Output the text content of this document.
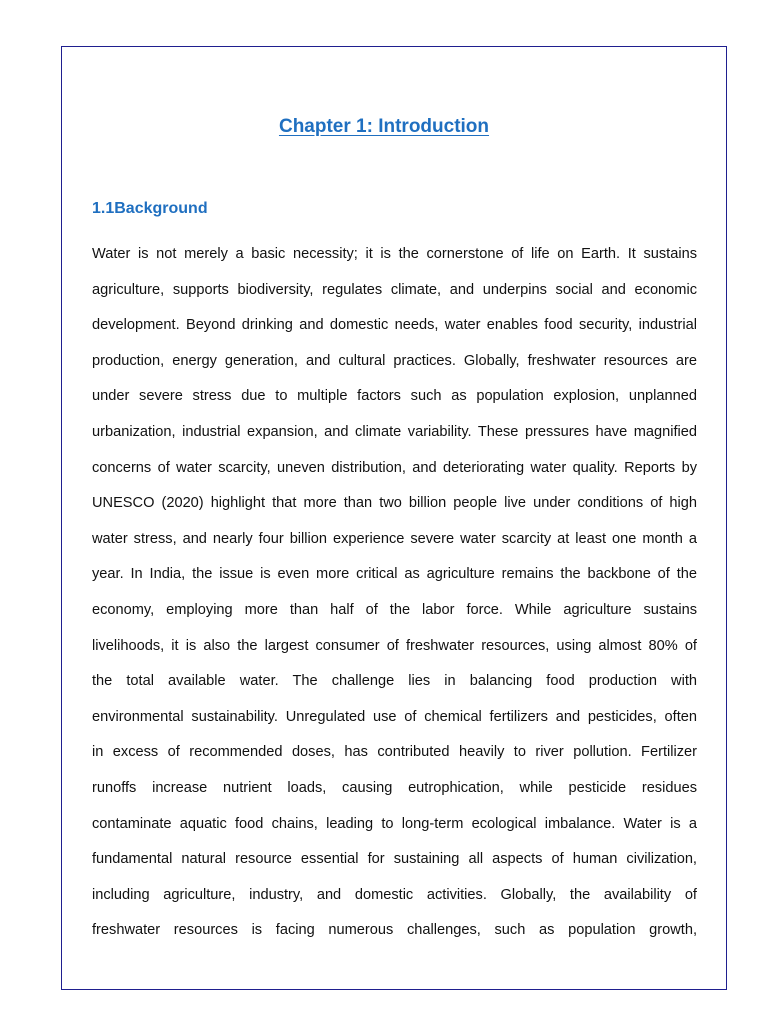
Chapter 1: Introduction
1.1Background
Water is not merely a basic necessity; it is the cornerstone of life on Earth. It sustains
agriculture, supports biodiversity, regulates climate, and underpins social and economic
development. Beyond drinking and domestic needs, water enables food security, industrial
production, energy generation, and cultural practices. Globally, freshwater resources are
under severe stress due to multiple factors such as population explosion, unplanned
urbanization, industrial expansion, and climate variability. These pressures have magnified
concerns of water scarcity, uneven distribution, and deteriorating water quality. Reports by
UNESCO (2020) highlight that more than two billion people live under conditions of high
water stress, and nearly four billion experience severe water scarcity at least one month a
year. In India, the issue is even more critical as agriculture remains the backbone of the
economy, employing more than half of the labor force. While agriculture sustains
livelihoods, it is also the largest consumer of freshwater resources, using almost 80% of
the total available water. The challenge lies in balancing food production with
environmental sustainability. Unregulated use of chemical fertilizers and pesticides, often
in excess of recommended doses, has contributed heavily to river pollution. Fertilizer
runoffs increase nutrient loads, causing eutrophication, while pesticide residues
contaminate aquatic food chains, leading to long-term ecological imbalance. Water is a
fundamental natural resource essential for sustaining all aspects of human civilization,
including agriculture, industry, and domestic activities. Globally, the availability of
freshwater resources is facing numerous challenges, such as population growth,
